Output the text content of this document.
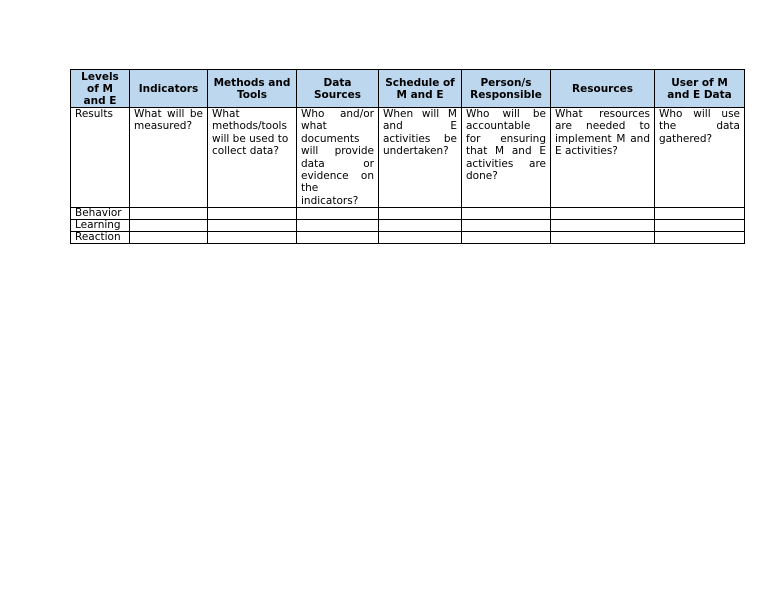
Levels of M and E	Indicators	Methods and Tools	Data Sources	Schedule of M and E	Person/s Responsible	Resources	User of M and E Data
Results	What will be measured?	What methods/tools will be used to collect data?	Who and/or what documents will provide data or evidence on the indicators?	When will M and E activities be undertaken?	Who will be accountable for ensuring that M and E activities are done?	What resources are needed to implement M and E activities?	Who will use the data gathered?
Behavior							
Learning							
Reaction							
